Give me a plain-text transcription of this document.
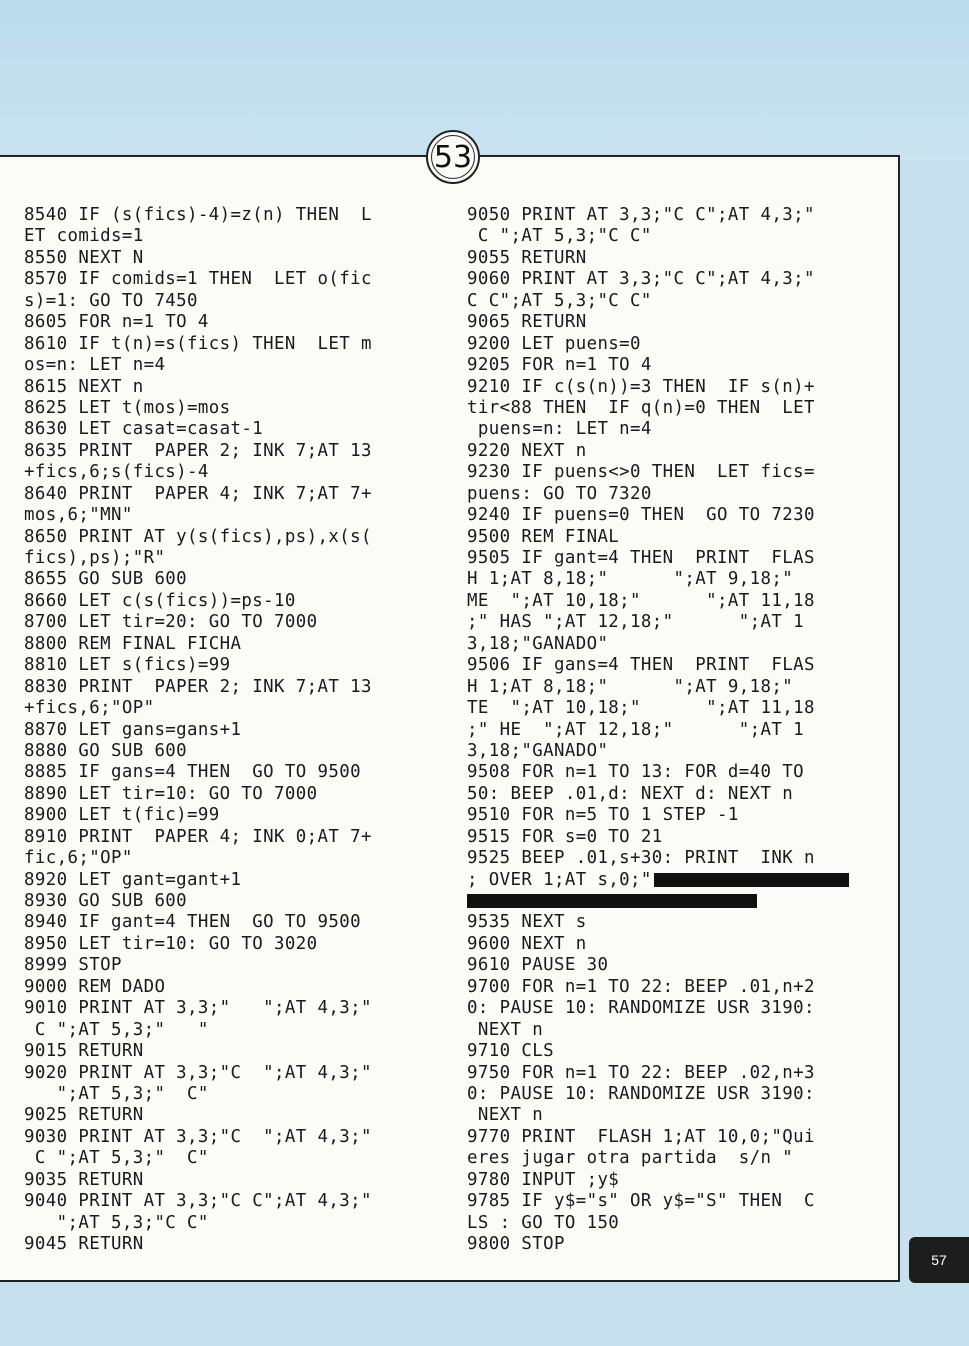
53
8540 IF (s(fics)-4)=z(n) THEN  L
ET comids=1
8550 NEXT N
8570 IF comids=1 THEN  LET o(fic
s)=1: GO TO 7450
8605 FOR n=1 TO 4
8610 IF t(n)=s(fics) THEN  LET m
os=n: LET n=4
8615 NEXT n
8625 LET t(mos)=mos
8630 LET casat=casat-1
8635 PRINT  PAPER 2; INK 7;AT 13
+fics,6;s(fics)-4
8640 PRINT  PAPER 4; INK 7;AT 7+
mos,6;"MN"
8650 PRINT AT y(s(fics),ps),x(s(
fics),ps);"R"
8655 GO SUB 600
8660 LET c(s(fics))=ps-10
8700 LET tir=20: GO TO 7000
8800 REM FINAL FICHA
8810 LET s(fics)=99
8830 PRINT  PAPER 2; INK 7;AT 13
+fics,6;"OP"
8870 LET gans=gans+1
8880 GO SUB 600
8885 IF gans=4 THEN  GO TO 9500
8890 LET tir=10: GO TO 7000
8900 LET t(fic)=99
8910 PRINT  PAPER 4; INK 0;AT 7+
fic,6;"OP"
8920 LET gant=gant+1
8930 GO SUB 600
8940 IF gant=4 THEN  GO TO 9500
8950 LET tir=10: GO TO 3020
8999 STOP
9000 REM DADO
9010 PRINT AT 3,3;"   ";AT 4,3;"
C ";AT 5,3;"   "
9015 RETURN
9020 PRINT AT 3,3;"C  ";AT 4,3;"
";AT 5,3;"  C"
9025 RETURN
9030 PRINT AT 3,3;"C  ";AT 4,3;"
C ";AT 5,3;"  C"
9035 RETURN
9040 PRINT AT 3,3;"C C";AT 4,3;"
";AT 5,3;"C C"
9045 RETURN
9050 PRINT AT 3,3;"C C";AT 4,3;"
C ";AT 5,3;"C C"
9055 RETURN
9060 PRINT AT 3,3;"C C";AT 4,3;"
C C";AT 5,3;"C C"
9065 RETURN
9200 LET puens=0
9205 FOR n=1 TO 4
9210 IF c(s(n))=3 THEN  IF s(n)+
tir<88 THEN  IF q(n)=0 THEN  LET
puens=n: LET n=4
9220 NEXT n
9230 IF puens<>0 THEN  LET fics=
puens: GO TO 7320
9240 IF puens=0 THEN  GO TO 7230
9500 REM FINAL
9505 IF gant=4 THEN  PRINT  FLAS
H 1;AT 8,18;"      ";AT 9,18;"
ME  ";AT 10,18;"      ";AT 11,18
;" HAS ";AT 12,18;"      ";AT 1
3,18;"GANADO"
9506 IF gans=4 THEN  PRINT  FLAS
H 1;AT 8,18;"      ";AT 9,18;"
TE  ";AT 10,18;"      ";AT 11,18
;" HE  ";AT 12,18;"      ";AT 1
3,18;"GANADO"
9508 FOR n=1 TO 13: FOR d=40 TO
50: BEEP .01,d: NEXT d: NEXT n
9510 FOR n=5 TO 1 STEP -1
9515 FOR s=0 TO 21
9525 BEEP .01,s+30: PRINT  INK n
; OVER 1;AT s,0;"
9535 NEXT s
9600 NEXT n
9610 PAUSE 30
9700 FOR n=1 TO 22: BEEP .01,n+2
0: PAUSE 10: RANDOMIZE USR 3190:
NEXT n
9710 CLS
9750 FOR n=1 TO 22: BEEP .02,n+3
0: PAUSE 10: RANDOMIZE USR 3190:
NEXT n
9770 PRINT  FLASH 1;AT 10,0;"Qui
eres jugar otra partida  s/n "
9780 INPUT ;y$
9785 IF y$="s" OR y$="S" THEN  C
LS : GO TO 150
9800 STOP
57
